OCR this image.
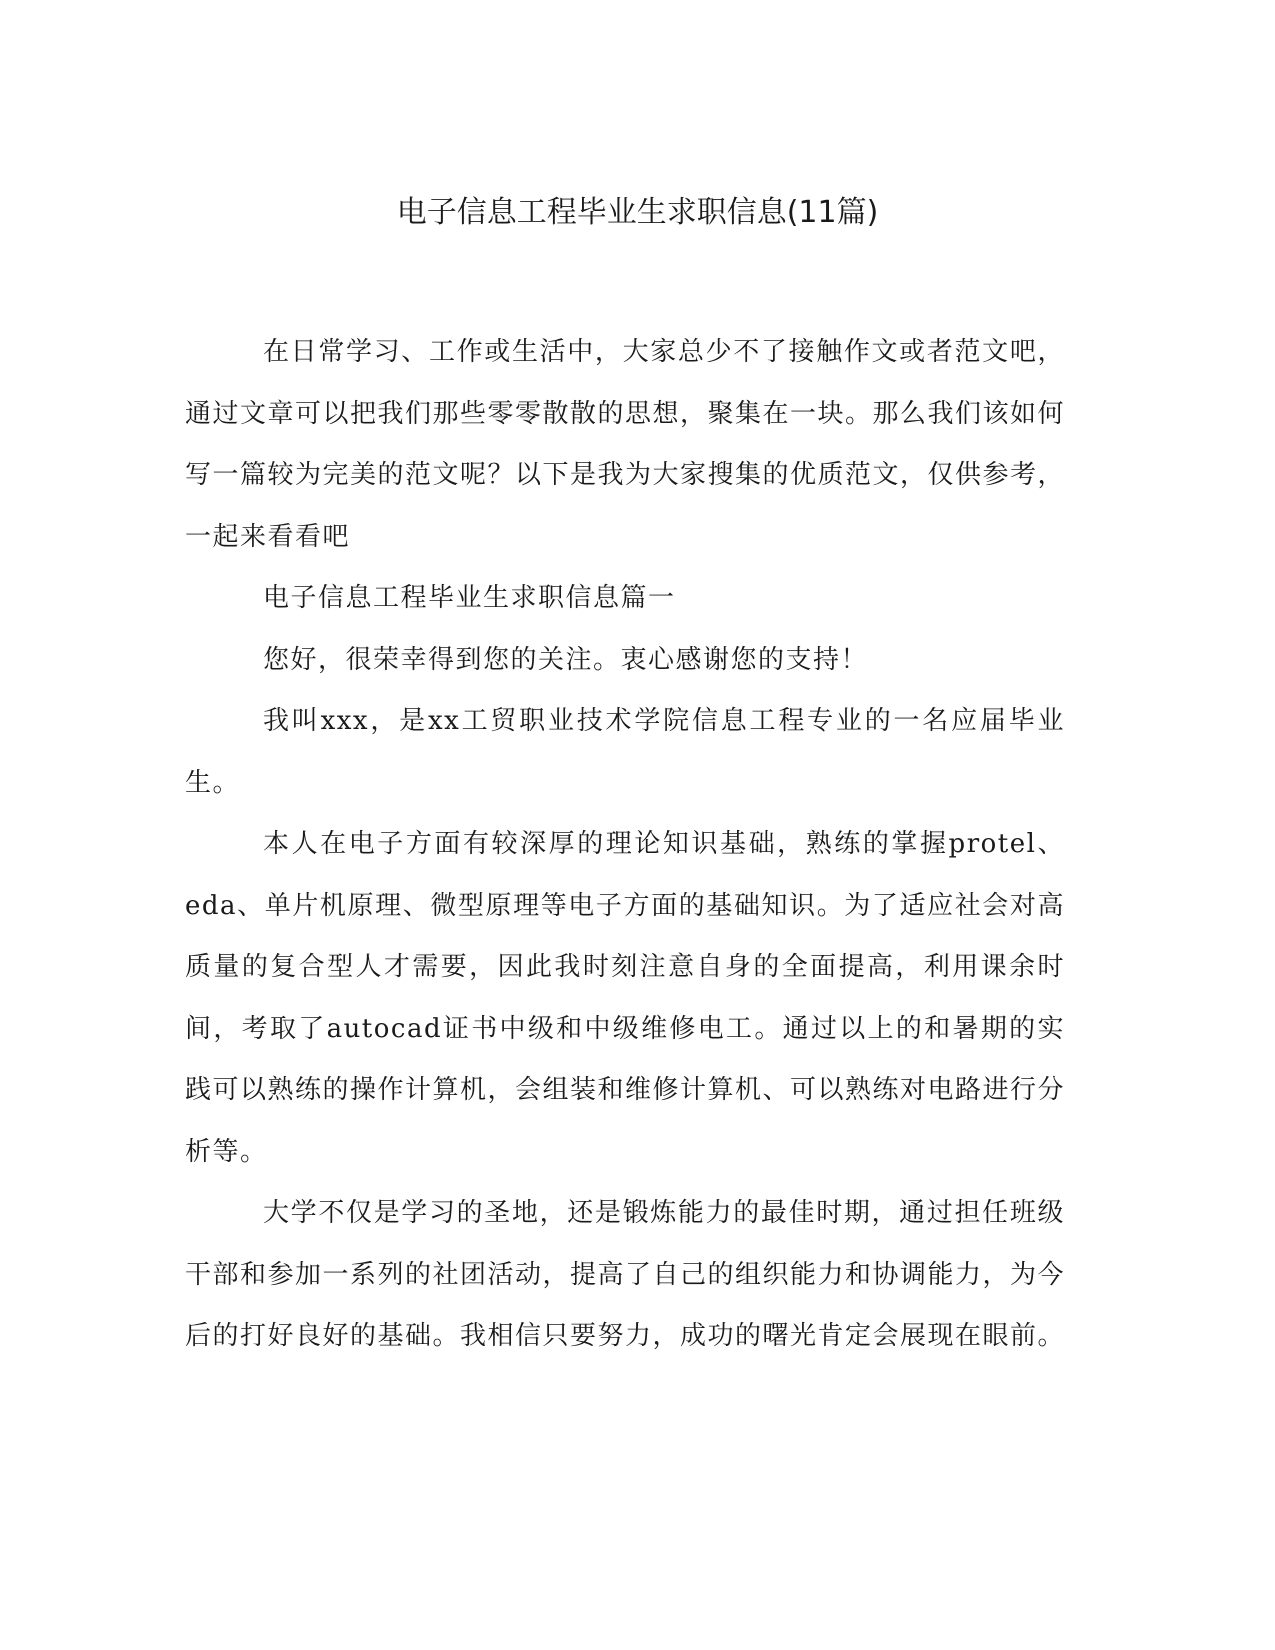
电子信息工程毕业生求职信息(11篇)

在日常学习、工作或生活中，大家总少不了接触作文或者范文吧，通过文章可以把我们那些零零散散的思想，聚集在一块。那么我们该如何写一篇较为完美的范文呢？以下是我为大家搜集的优质范文，仅供参考，一起来看看吧

电子信息工程毕业生求职信息篇一

您好，很荣幸得到您的关注。衷心感谢您的支持！

我叫xxx，是xx工贸职业技术学院信息工程专业的一名应届毕业生。

本人在电子方面有较深厚的理论知识基础，熟练的掌握protel、eda、单片机原理、微型原理等电子方面的基础知识。为了适应社会对高质量的复合型人才需要，因此我时刻注意自身的全面提高，利用课余时间，考取了autocad证书中级和中级维修电工。通过以上的和暑期的实践可以熟练的操作计算机，会组装和维修计算机、可以熟练对电路进行分析等。

大学不仅是学习的圣地，还是锻炼能力的最佳时期，通过担任班级干部和参加一系列的社团活动，提高了自己的组织能力和协调能力，为今后的打好良好的基础。我相信只要努力，成功的曙光肯定会展现在眼前。
